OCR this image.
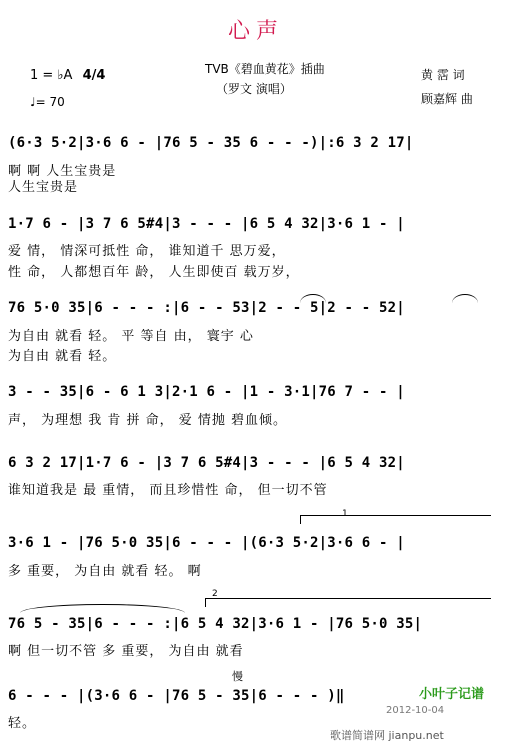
心声
TVB《碧血黄花》插曲
（罗文 演唱）
黄 霑 词
顾嘉辉 曲
1 = ♭A 4/4
♩= 70
(6·3 5·2|3·6 6 - |76 5 - 35 6 - - -)|:6 3 2 17|
啊 啊 人生宝贵是
人生宝贵是
1·7 6 - |3 7 6 5#4|3 - - - |6 5 4 32|3·6 1 - |
爱 情， 情深可抵性 命， 谁知道千 思万爱，
性 命， 人都想百年 龄， 人生即使百 载万岁，
76 5·0 35|6 - - - :|6 - - 53|2 - - 5|2 - - 52|
为自由 就看 轻。 平 等自 由， 寰宇 心
为自由 就看 轻。
3 - - 35|6 - 6 1 3|2·1 6 - |1 - 3·1|76 7 - - |
声， 为理想 我 肯 拼 命， 爱 情抛 碧血倾。
6 3 2 17|1·7 6 - |3 7 6 5#4|3 - - - |6 5 4 32|
谁知道我是 最 重情， 而且珍惜性 命， 但一切不管
1
3·6 1 - |76 5·0 35|6 - - - |(6·3 5·2|3·6 6 - |
多 重要， 为自由 就看 轻。 啊
2
76 5 - 35|6 - - - :|6 5 4 32|3·6 1 - |76 5·0 35|
啊 但一切不管 多 重要， 为自由 就看
慢
6 - - - |(3·6 6 - |76 5 - 35|6 - - - )‖
轻。
小叶子记谱
2012-10-04
歌谱简谱网 jianpu.net
